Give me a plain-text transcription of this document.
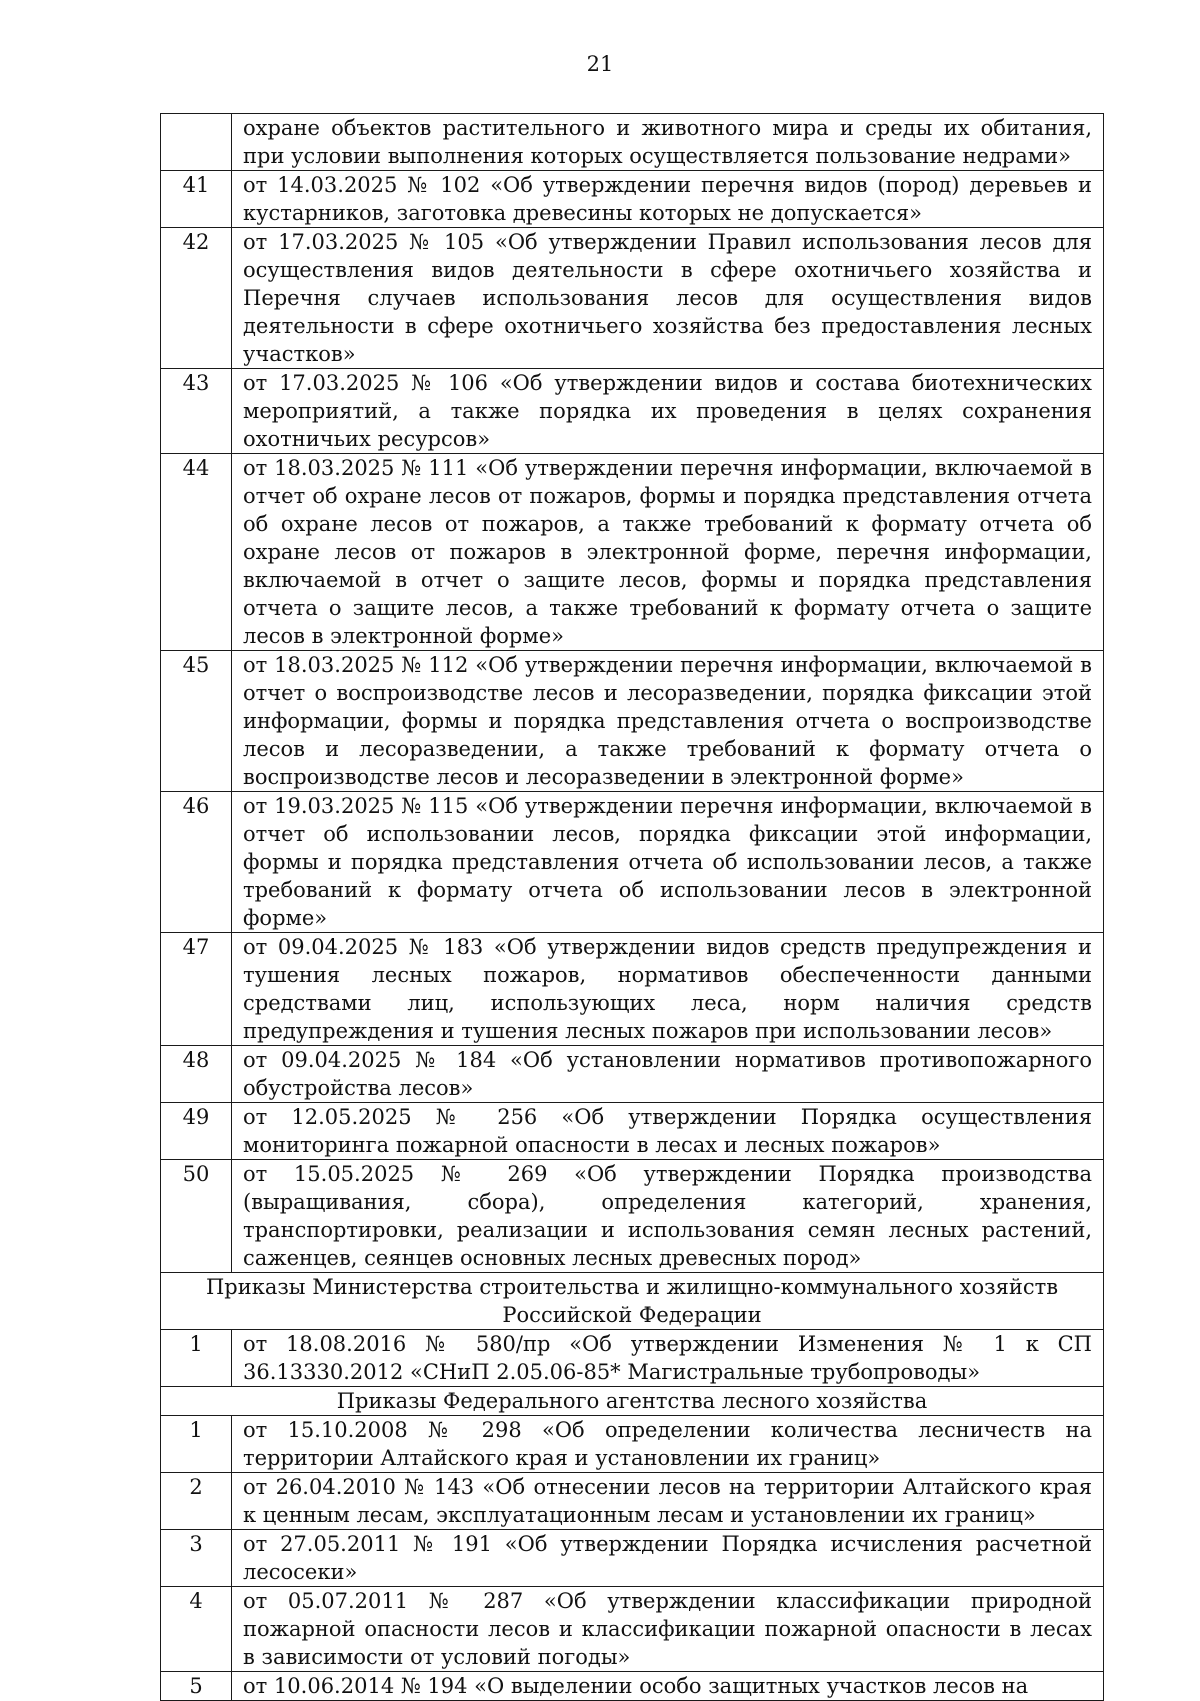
21
	охране объектов растительного и животного мира и среды их обитания, при условии выполнения которых осуществляется пользование недрами»
41	от 14.03.2025 № 102 «Об утверждении перечня видов (пород) деревьев и кустарников, заготовка древесины которых не допускается»
42	от 17.03.2025 № 105 «Об утверждении Правил использования лесов для осуществления видов деятельности в сфере охотничьего хозяйства и Перечня случаев использования лесов для осуществления видов деятельности в сфере охотничьего хозяйства без предоставления лесных участков»
43	от 17.03.2025 № 106 «Об утверждении видов и состава биотехнических мероприятий, а также порядка их проведения в целях сохранения охотничьих ресурсов»
44	от 18.03.2025 № 111 «Об утверждении перечня информации, включаемой в отчет об охране лесов от пожаров, формы и порядка представления отчета об охране лесов от пожаров, а также требований к формату отчета об охране лесов от пожаров в электронной форме, перечня информации, включаемой в отчет о защите лесов, формы и порядка представления отчета о защите лесов, а также требований к формату отчета о защите лесов в электронной форме»
45	от 18.03.2025 № 112 «Об утверждении перечня информации, включаемой в отчет о воспроизводстве лесов и лесоразведении, порядка фиксации этой информации, формы и порядка представления отчета о воспроизводстве лесов и лесоразведении, а также требований к формату отчета о воспроизводстве лесов и лесоразведении в электронной форме»
46	от 19.03.2025 № 115 «Об утверждении перечня информации, включаемой в отчет об использовании лесов, порядка фиксации этой информации, формы и порядка представления отчета об использовании лесов, а также требований к формату отчета об использовании лесов в электронной форме»
47	от 09.04.2025 № 183 «Об утверждении видов средств предупреждения и тушения лесных пожаров, нормативов обеспеченности данными средствами лиц, использующих леса, норм наличия средств предупреждения и тушения лесных пожаров при использовании лесов»
48	от 09.04.2025 № 184 «Об установлении нормативов противопожарного обустройства лесов»
49	от 12.05.2025 № 256 «Об утверждении Порядка осуществления мониторинга пожарной опасности в лесах и лесных пожаров»
50	от 15.05.2025 № 269 «Об утверждении Порядка производства (выращивания, сбора), определения категорий, хранения, транспортировки, реализации и использования семян лесных растений, саженцев, сеянцев основных лесных древесных пород»
Приказы Министерства строительства и жилищно-коммунального хозяйств Российской Федерации	
1	от 18.08.2016 № 580/пр «Об утверждении Изменения № 1 к СП 36.13330.2012 «СНиП 2.05.06-85* Магистральные трубопроводы»
Приказы Федерального агентства лесного хозяйства	
1	от 15.10.2008 № 298 «Об определении количества лесничеств на территории Алтайского края и установлении их границ»
2	от 26.04.2010 № 143 «Об отнесении лесов на территории Алтайского края к ценным лесам, эксплуатационным лесам и установлении их границ»
3	от 27.05.2011 № 191 «Об утверждении Порядка исчисления расчетной лесосеки»
4	от 05.07.2011 № 287 «Об утверждении классификации природной пожарной опасности лесов и классификации пожарной опасности в лесах в зависимости от условий погоды»
5	от 10.06.2014 № 194 «О выделении особо защитных участков лесов на
